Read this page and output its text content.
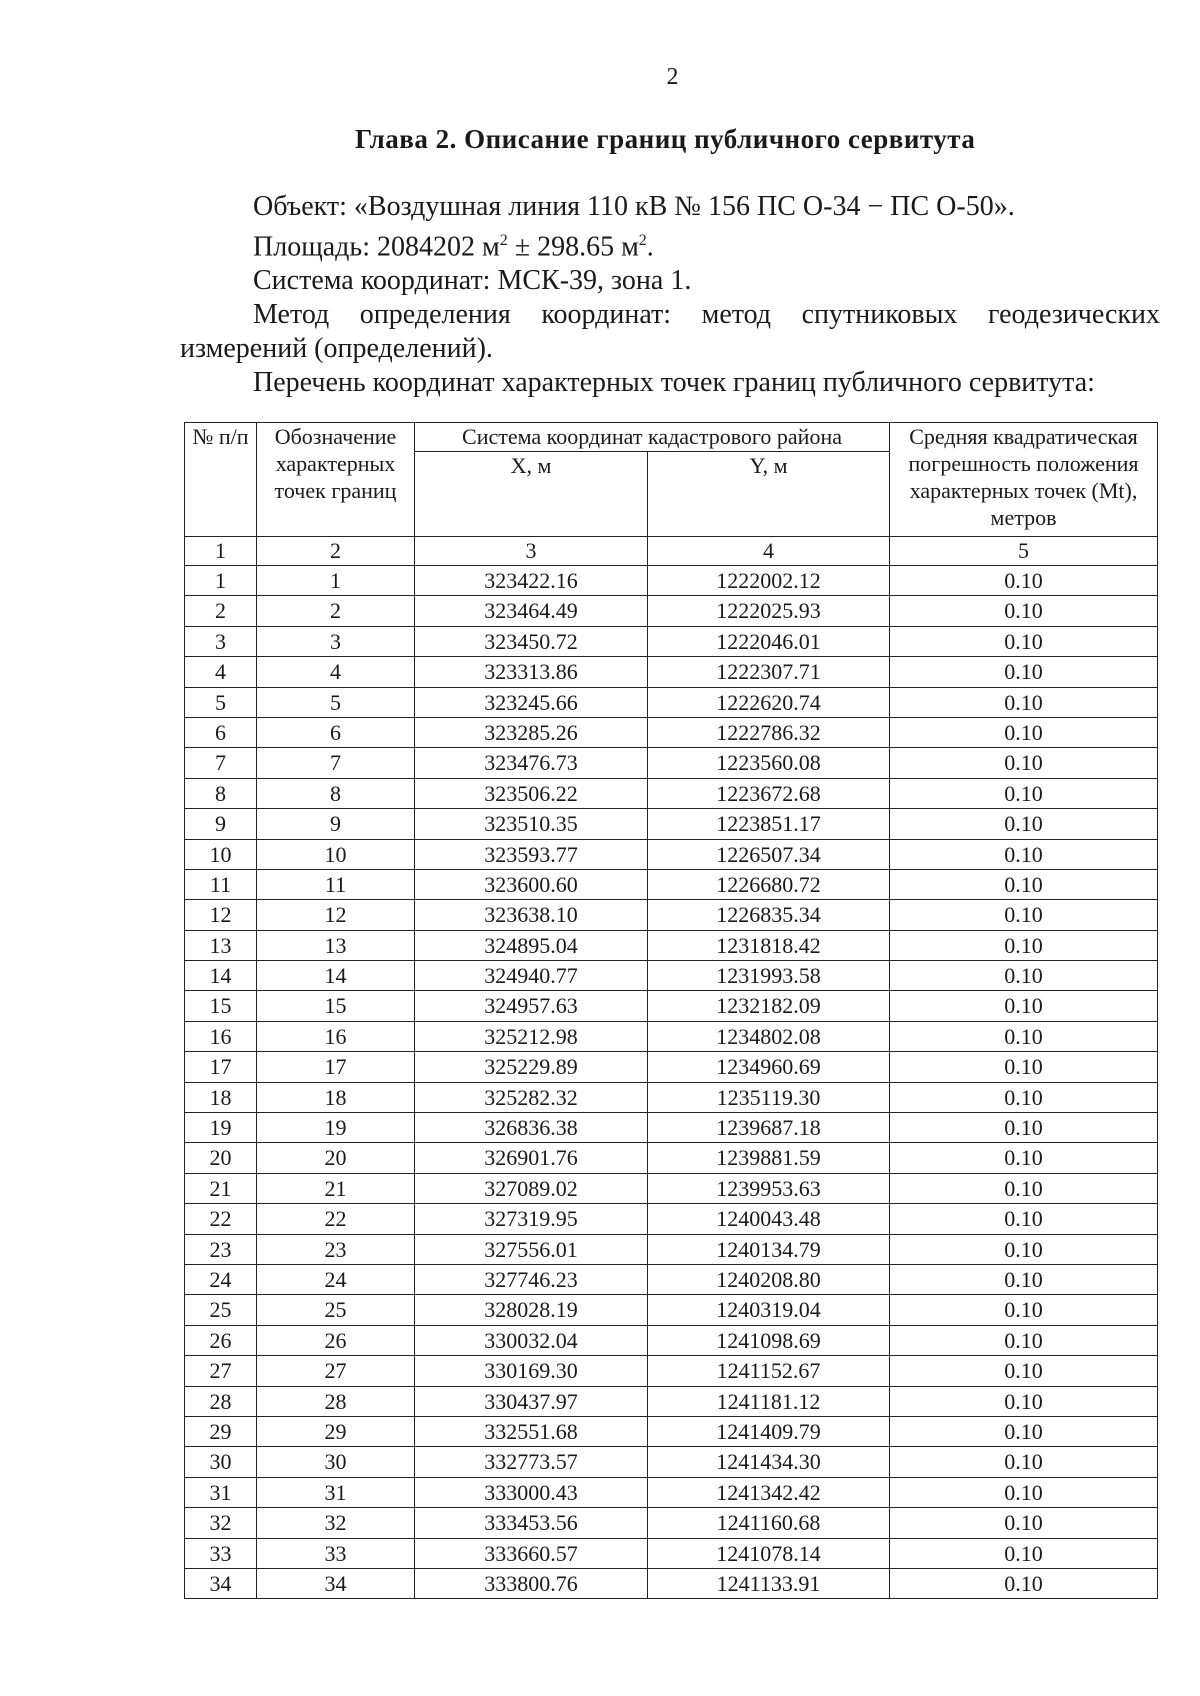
2
Глава 2. Описание границ публичного сервитута
Объект: «Воздушная линия 110 кВ № 156 ПС О-34 − ПС О-50».
Площадь: 2084202 $м^2 \pm 298.65$ $м^2$.
Система координат: МСК-39, зона 1.
Метод определения координат: метод спутниковых геодезических
измерений (определений).
Перечень координат характерных точек границ публичного сервитута:
№ п/п	Обозначение характерных точек границ	Система координат кадастрового района		Средняя квадратическая погрешность положения характерных точек (Mt), метров
		X, м	Y, м	
1	2	3	4	5
1	1	323422.16	1222002.12	0.10
2	2	323464.49	1222025.93	0.10
3	3	323450.72	1222046.01	0.10
4	4	323313.86	1222307.71	0.10
5	5	323245.66	1222620.74	0.10
6	6	323285.26	1222786.32	0.10
7	7	323476.73	1223560.08	0.10
8	8	323506.22	1223672.68	0.10
9	9	323510.35	1223851.17	0.10
10	10	323593.77	1226507.34	0.10
11	11	323600.60	1226680.72	0.10
12	12	323638.10	1226835.34	0.10
13	13	324895.04	1231818.42	0.10
14	14	324940.77	1231993.58	0.10
15	15	324957.63	1232182.09	0.10
16	16	325212.98	1234802.08	0.10
17	17	325229.89	1234960.69	0.10
18	18	325282.32	1235119.30	0.10
19	19	326836.38	1239687.18	0.10
20	20	326901.76	1239881.59	0.10
21	21	327089.02	1239953.63	0.10
22	22	327319.95	1240043.48	0.10
23	23	327556.01	1240134.79	0.10
24	24	327746.23	1240208.80	0.10
25	25	328028.19	1240319.04	0.10
26	26	330032.04	1241098.69	0.10
27	27	330169.30	1241152.67	0.10
28	28	330437.97	1241181.12	0.10
29	29	332551.68	1241409.79	0.10
30	30	332773.57	1241434.30	0.10
31	31	333000.43	1241342.42	0.10
32	32	333453.56	1241160.68	0.10
33	33	333660.57	1241078.14	0.10
34	34	333800.76	1241133.91	0.10
